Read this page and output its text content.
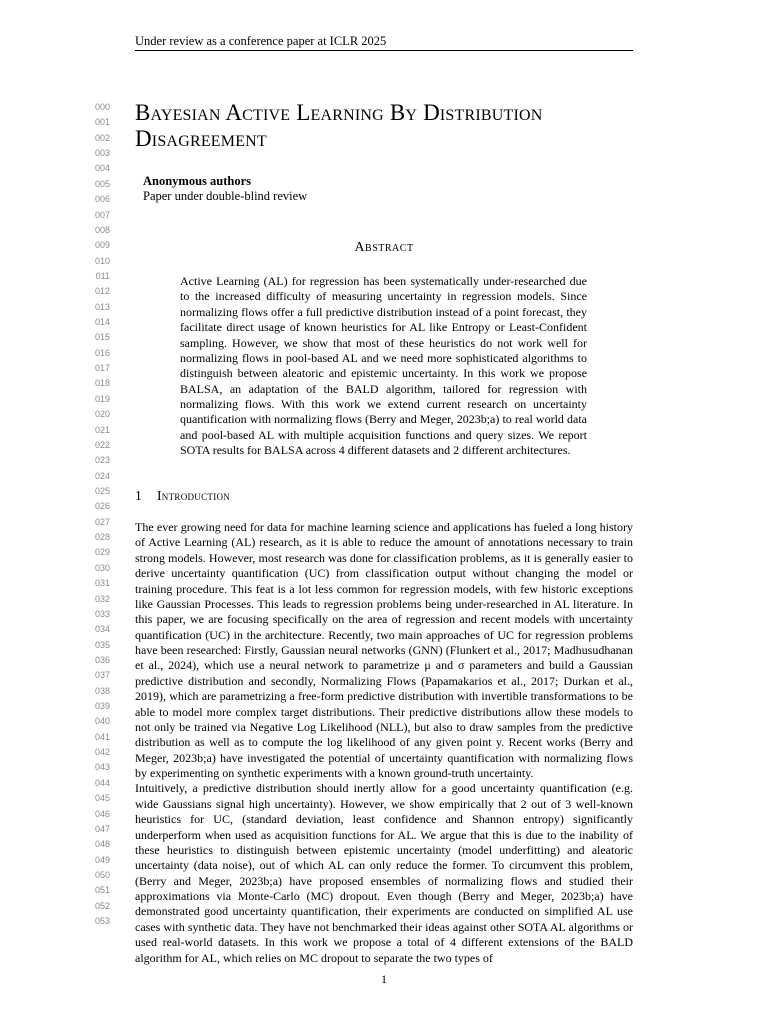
Under review as a conference paper at ICLR 2025
000
001
002
003
004
005
006
007
008
009
010
011
012
013
014
015
016
017
018
019
020
021
022
023
024
025
026
027
028
029
030
031
032
033
034
035
036
037
038
039
040
041
042
043
044
045
046
047
048
049
050
051
052
053
Bayesian Active Learning By Distribution Disagreement
Anonymous authors
Paper under double-blind review
Abstract
Active Learning (AL) for regression has been systematically under-researched due to the increased difficulty of measuring uncertainty in regression models. Since normalizing flows offer a full predictive distribution instead of a point forecast, they facilitate direct usage of known heuristics for AL like Entropy or Least-Confident sampling. However, we show that most of these heuristics do not work well for normalizing flows in pool-based AL and we need more sophisticated algorithms to distinguish between aleatoric and epistemic uncertainty. In this work we propose BALSA, an adaptation of the BALD algorithm, tailored for regression with normalizing flows. With this work we extend current research on uncertainty quantification with normalizing flows (Berry and Meger, 2023b;a) to real world data and pool-based AL with multiple acquisition functions and query sizes. We report SOTA results for BALSA across 4 different datasets and 2 different architectures.
1 Introduction

The ever growing need for data for machine learning science and applications has fueled a long history of Active Learning (AL) research, as it is able to reduce the amount of annotations necessary to train strong models. However, most research was done for classification problems, as it is generally easier to derive uncertainty quantification (UC) from classification output without changing the model or training procedure. This feat is a lot less common for regression models, with few historic exceptions like Gaussian Processes. This leads to regression problems being under-researched in AL literature. In this paper, we are focusing specifically on the area of regression and recent models with uncertainty quantification (UC) in the architecture. Recently, two main approaches of UC for regression problems have been researched: Firstly, Gaussian neural networks (GNN) (Flunkert et al., 2017; Madhusudhanan et al., 2024), which use a neural network to parametrize μ and σ parameters and build a Gaussian predictive distribution and secondly, Normalizing Flows (Papamakarios et al., 2017; Durkan et al., 2019), which are parametrizing a free-form predictive distribution with invertible transformations to be able to model more complex target distributions. Their predictive distributions allow these models to not only be trained via Negative Log Likelihood (NLL), but also to draw samples from the predictive distribution as well as to compute the log likelihood of any given point y. Recent works (Berry and Meger, 2023b;a) have investigated the potential of uncertainty quantification with normalizing flows by experimenting on synthetic experiments with a known ground-truth uncertainty.

Intuitively, a predictive distribution should inertly allow for a good uncertainty quantification (e.g. wide Gaussians signal high uncertainty). However, we show empirically that 2 out of 3 well-known heuristics for UC, (standard deviation, least confidence and Shannon entropy) significantly underperform when used as acquisition functions for AL. We argue that this is due to the inability of these heuristics to distinguish between epistemic uncertainty (model underfitting) and aleatoric uncertainty (data noise), out of which AL can only reduce the former. To circumvent this problem, (Berry and Meger, 2023b;a) have proposed ensembles of normalizing flows and studied their approximations via Monte-Carlo (MC) dropout. Even though (Berry and Meger, 2023b;a) have demonstrated good uncertainty quantification, their experiments are conducted on simplified AL use cases with synthetic data. They have not benchmarked their ideas against other SOTA AL algorithms or used real-world datasets. In this work we propose a total of 4 different extensions of the BALD algorithm for AL, which relies on MC dropout to separate the two types of

1
